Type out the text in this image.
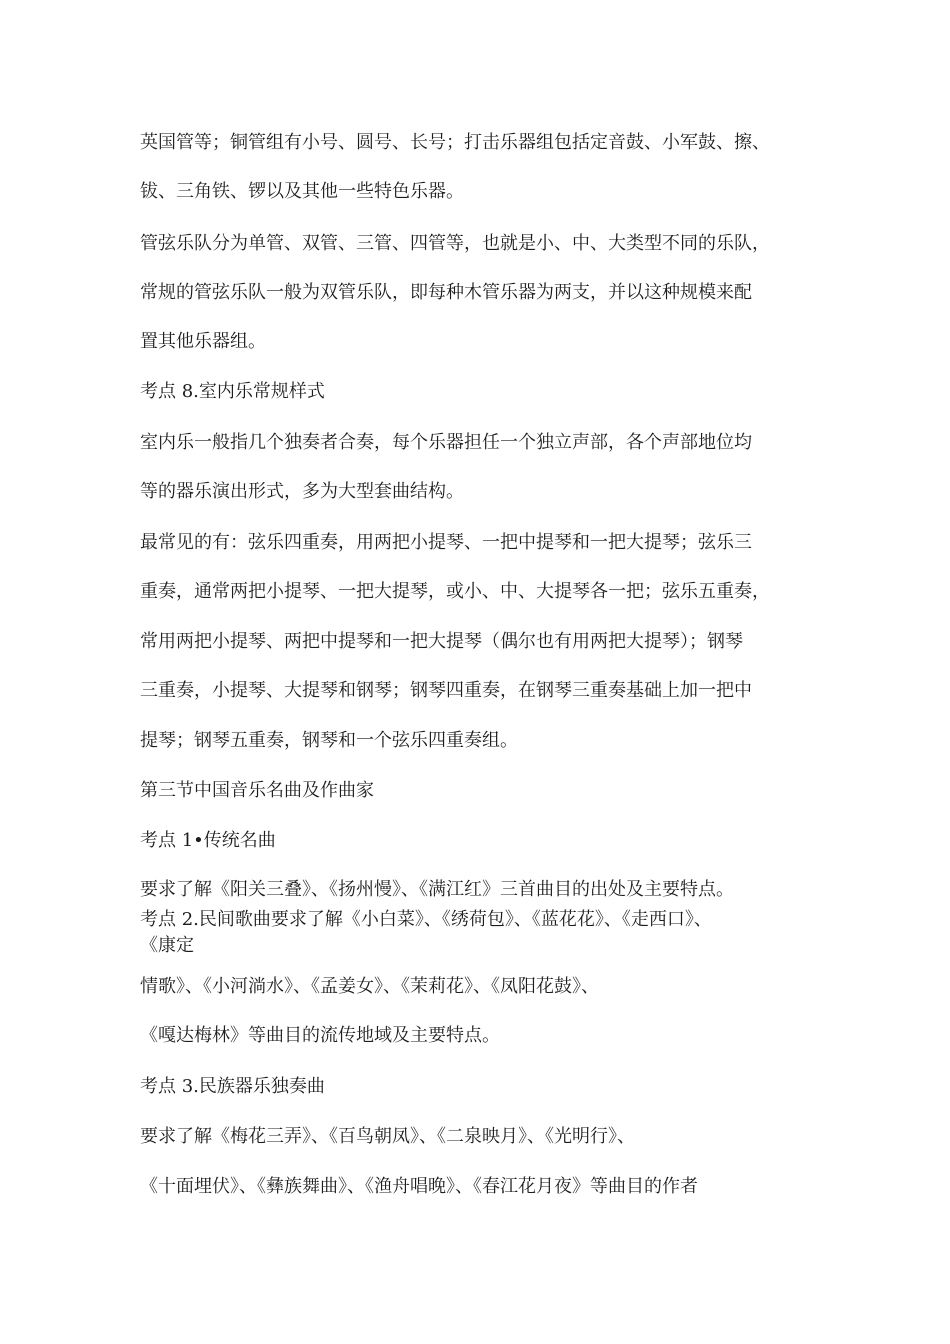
英国管等；铜管组有小号、圆号、长号；打击乐器组包括定音鼓、小军鼓、擦、

钹、三角铁、锣以及其他一些特色乐器。

管弦乐队分为单管、双管、三管、四管等，也就是小、中、大类型不同的乐队，

常规的管弦乐队一般为双管乐队，即每种木管乐器为两支，并以这种规模来配

置其他乐器组。

考点 8.室内乐常规样式

室内乐一般指几个独奏者合奏，每个乐器担任一个独立声部，各个声部地位均

等的器乐演出形式，多为大型套曲结构。

最常见的有：弦乐四重奏，用两把小提琴、一把中提琴和一把大提琴；弦乐三

重奏，通常两把小提琴、一把大提琴，或小、中、大提琴各一把；弦乐五重奏，

常用两把小提琴、两把中提琴和一把大提琴（偶尔也有用两把大提琴）；钢琴

三重奏，小提琴、大提琴和钢琴；钢琴四重奏，在钢琴三重奏基础上加一把中

提琴；钢琴五重奏，钢琴和一个弦乐四重奏组。

第三节中国音乐名曲及作曲家

考点 1•传统名曲

要求了解《阳关三叠》、《扬州慢》、《满江红》三首曲目的出处及主要特点。

考点 2.民间歌曲要求了解《小白菜》、《绣荷包》、《蓝花花》、《走西口》、

《康定

情歌》、《小河淌水》、《孟姜女》、《茉莉花》、《凤阳花鼓》、

《嘎达梅林》等曲目的流传地域及主要特点。

考点 3.民族器乐独奏曲

要求了解《梅花三弄》、《百鸟朝凤》、《二泉映月》、《光明行》、

《十面埋伏》、《彝族舞曲》、《渔舟唱晚》、《春江花月夜》等曲目的作者
